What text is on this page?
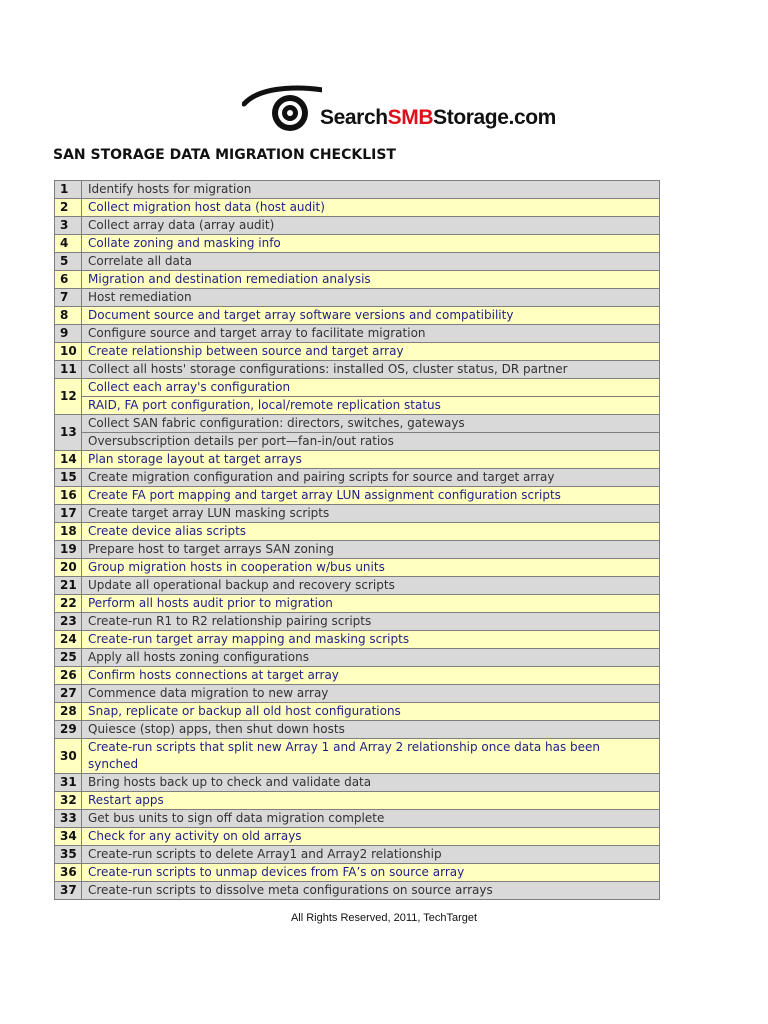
SearchSMBStorage.com
SAN STORAGE DATA MIGRATION CHECKLIST
1	Identify hosts for migration
2	Collect migration host data (host audit)
3	Collect array data (array audit)
4	Collate zoning and masking info
5	Correlate all data
6	Migration and destination remediation analysis
7	Host remediation
8	Document source and target array software versions and compatibility
9	Configure source and target array to facilitate migration
10	Create relationship between source and target array
11	Collect all hosts' storage configurations: installed OS, cluster status, DR partner
12	Collect each array's configuration
RAID, FA port configuration, local/remote replication status

13	Collect SAN fabric configuration: directors, switches, gateways
Oversubscription details per port—fan-in/out ratios

14	Plan storage layout at target arrays
15	Create migration configuration and pairing scripts for source and target array
16	Create FA port mapping and target array LUN assignment configuration scripts
17	Create target array LUN masking scripts
18	Create device alias scripts
19	Prepare host to target arrays SAN zoning
20	Group migration hosts in cooperation w/bus units
21	Update all operational backup and recovery scripts
22	Perform all hosts audit prior to migration
23	Create-run R1 to R2 relationship pairing scripts
24	Create-run target array mapping and masking scripts
25	Apply all hosts zoning configurations
26	Confirm hosts connections at target array
27	Commence data migration to new array
28	Snap, replicate or backup all old host configurations
29	Quiesce (stop) apps, then shut down hosts
30	Create-run scripts that split new Array 1 and Array 2 relationship once data has been
synched

31	Bring hosts back up to check and validate data
32	Restart apps
33	Get bus units to sign off data migration complete
34	Check for any activity on old arrays
35	Create-run scripts to delete Array1 and Array2 relationship
36	Create-run scripts to unmap devices from FA’s on source array
37	Create-run scripts to dissolve meta configurations on source arrays
All Rights Reserved, 2011, TechTarget
